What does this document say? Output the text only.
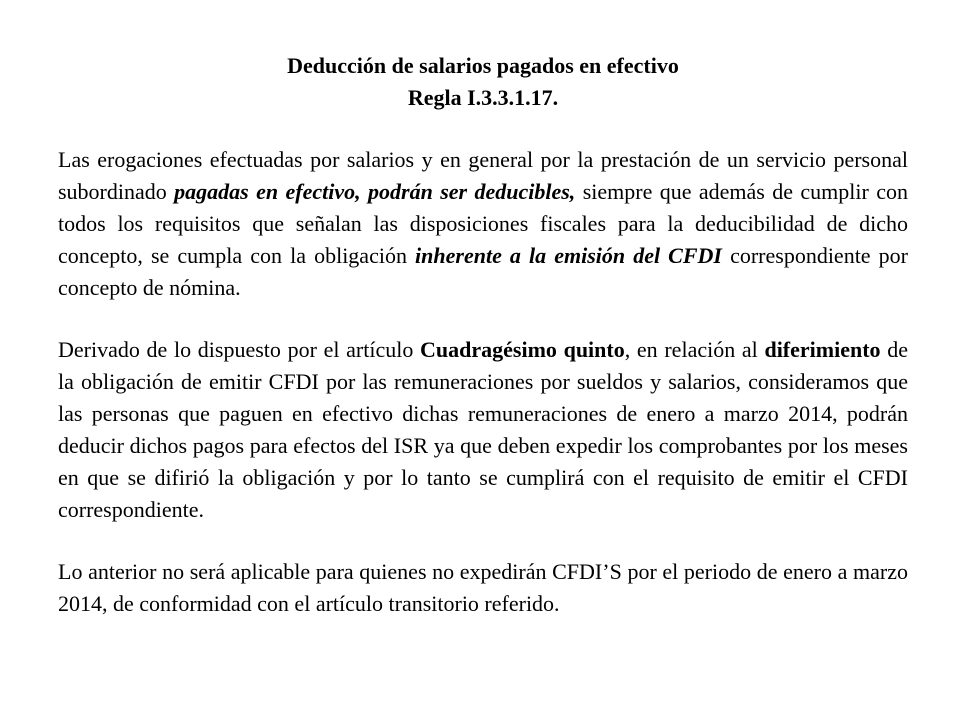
Deducción de salarios pagados en efectivo
Regla I.3.3.1.17.

Las erogaciones efectuadas por salarios y en general por la prestación de un servicio personal subordinado pagadas en efectivo, podrán ser deducibles, siempre que además de cumplir con todos los requisitos que señalan las disposiciones fiscales para la deducibilidad de dicho concepto, se cumpla con la obligación inherente a la emisión del CFDI correspondiente por concepto de nómina.

Derivado de lo dispuesto por el artículo Cuadragésimo quinto, en relación al diferimiento de la obligación de emitir CFDI por las remuneraciones por sueldos y salarios, consideramos que las personas que paguen en efectivo dichas remuneraciones de enero a marzo 2014, podrán deducir dichos pagos para efectos del ISR ya que deben expedir los comprobantes por los meses en que se difirió la obligación y por lo tanto se cumplirá con el requisito de emitir el CFDI correspondiente.

Lo anterior no será aplicable para quienes no expedirán CFDI’S por el periodo de enero a marzo 2014, de conformidad con el artículo transitorio referido.
